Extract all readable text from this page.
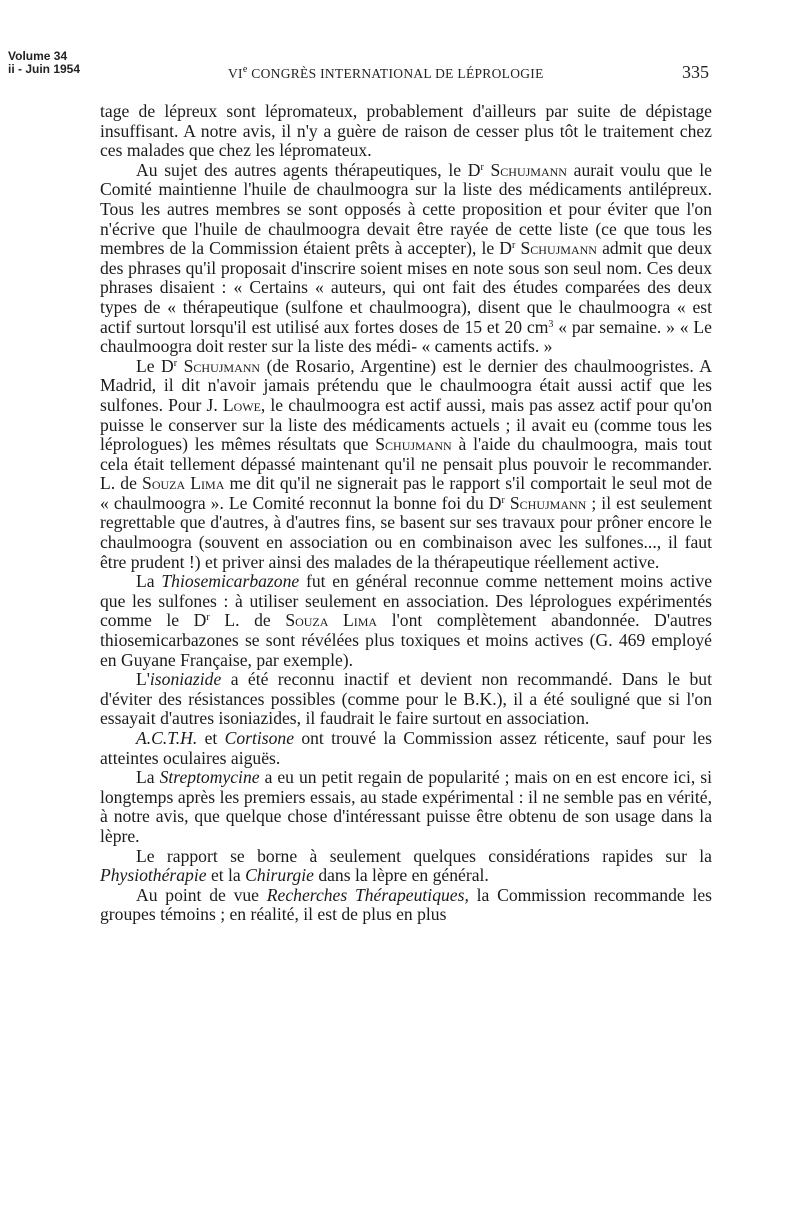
Volume 34
ii - Juin 1954	VIe CONGRÈS INTERNATIONAL DE LÉPROLOGIE	335

tage de lépreux sont lépromateux, probablement d'ailleurs par suite de dépistage insuffisant. A notre avis, il n'y a guère de raison de cesser plus tôt le traitement chez ces malades que chez les lépromateux.

Au sujet des autres agents thérapeutiques, le $D^r$ Schujmann aurait voulu que le Comité maintienne l'huile de chaulmoogra sur la liste des médicaments antilépreux. Tous les autres membres se sont opposés à cette proposition et pour éviter que l'on n'écrive que l'huile de chaulmoogra devait être rayée de cette liste (ce que tous les membres de la Commission étaient prêts à accepter), le $D^r$ Schujmann admit que deux des phrases qu'il proposait d'inscrire soient mises en note sous son seul nom. Ces deux phrases disaient : « Certains « auteurs, qui ont fait des études comparées des deux types de « thérapeutique (sulfone et chaulmoogra), disent que le chaulmoogra « est actif surtout lorsqu'il est utilisé aux fortes doses de 15 et 20 $cm^3$ « par semaine. » « Le chaulmoogra doit rester sur la liste des médi- « caments actifs. »

Le $D^r$ Schujmann (de Rosario, Argentine) est le dernier des chaulmoogristes. A Madrid, il dit n'avoir jamais prétendu que le chaulmoogra était aussi actif que les sulfones. Pour J. Lowe, le chaulmoogra est actif aussi, mais pas assez actif pour qu'on puisse le conserver sur la liste des médicaments actuels ; il avait eu (comme tous les léprologues) les mêmes résultats que Schujmann à l'aide du chaulmoogra, mais tout cela était tellement dépassé maintenant qu'il ne pensait plus pouvoir le recommander. L. de Souza Lima me dit qu'il ne signerait pas le rapport s'il comportait le seul mot de « chaulmoogra ». Le Comité reconnut la bonne foi du $D^r$ Schujmann ; il est seulement regrettable que d'autres, à d'autres fins, se basent sur ses travaux pour prôner encore le chaulmoogra (souvent en association ou en combinaison avec les sulfones..., il faut être prudent !) et priver ainsi des malades de la thérapeutique réellement active.

La Thiosemicarbazone fut en général reconnue comme nettement moins active que les sulfones : à utiliser seulement en association. Des léprologues expérimentés comme le $D^r$ L. de Souza Lima l'ont complètement abandonnée. D'autres thiosemicarbazones se sont révélées plus toxiques et moins actives (G. 469 employé en Guyane Française, par exemple).

L'isoniazide a été reconnu inactif et devient non recommandé. Dans le but d'éviter des résistances possibles (comme pour le B.K.), il a été souligné que si l'on essayait d'autres isoniazides, il faudrait le faire surtout en association.

A.C.T.H. et Cortisone ont trouvé la Commission assez réticente, sauf pour les atteintes oculaires aiguës.

La Streptomycine a eu un petit regain de popularité ; mais on en est encore ici, si longtemps après les premiers essais, au stade expérimental : il ne semble pas en vérité, à notre avis, que quelque chose d'intéressant puisse être obtenu de son usage dans la lèpre.

Le rapport se borne à seulement quelques considérations rapides sur la Physiothérapie et la Chirurgie dans la lèpre en général.

Au point de vue Recherches Thérapeutiques, la Commission recommande les groupes témoins ; en réalité, il est de plus en plus
